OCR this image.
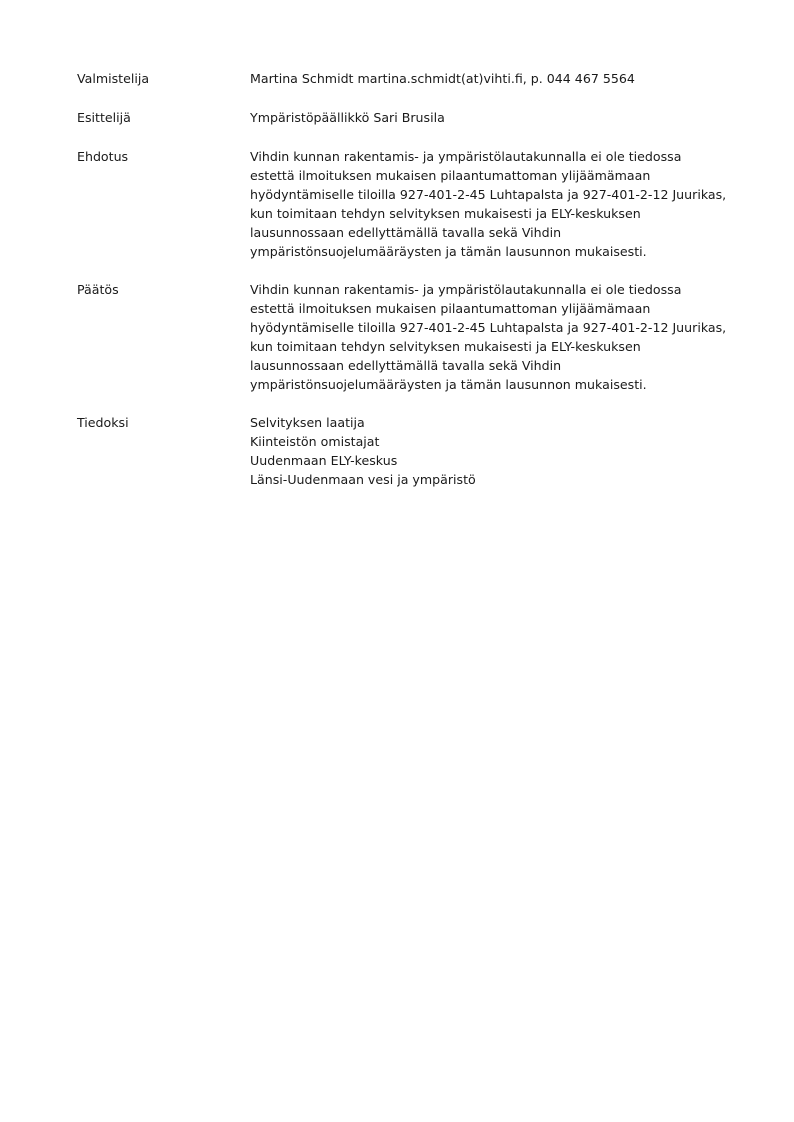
Valmistelija	Martina Schmidt martina.schmidt(at)vihti.fi, p. 044 467 5564
Esittelijä	Ympäristöpäällikkö Sari Brusila
Ehdotus	Vihdin kunnan rakentamis- ja ympäristölautakunnalla ei ole tiedossa
estettä ilmoituksen mukaisen pilaantumattoman ylijäämämaan
hyödyntämiselle tiloilla 927-401-2-45 Luhtapalsta ja 927-401-2-12 Juurikas,
kun toimitaan tehdyn selvityksen mukaisesti ja ELY-keskuksen
lausunnossaan edellyttämällä tavalla sekä Vihdin
ympäristönsuojelumääräysten ja tämän lausunnon mukaisesti.
Päätös	Vihdin kunnan rakentamis- ja ympäristölautakunnalla ei ole tiedossa
estettä ilmoituksen mukaisen pilaantumattoman ylijäämämaan
hyödyntämiselle tiloilla 927-401-2-45 Luhtapalsta ja 927-401-2-12 Juurikas,
kun toimitaan tehdyn selvityksen mukaisesti ja ELY-keskuksen
lausunnossaan edellyttämällä tavalla sekä Vihdin
ympäristönsuojelumääräysten ja tämän lausunnon mukaisesti.
Tiedoksi	Selvityksen laatija
Kiinteistön omistajat
Uudenmaan ELY-keskus
Länsi-Uudenmaan vesi ja ympäristö
